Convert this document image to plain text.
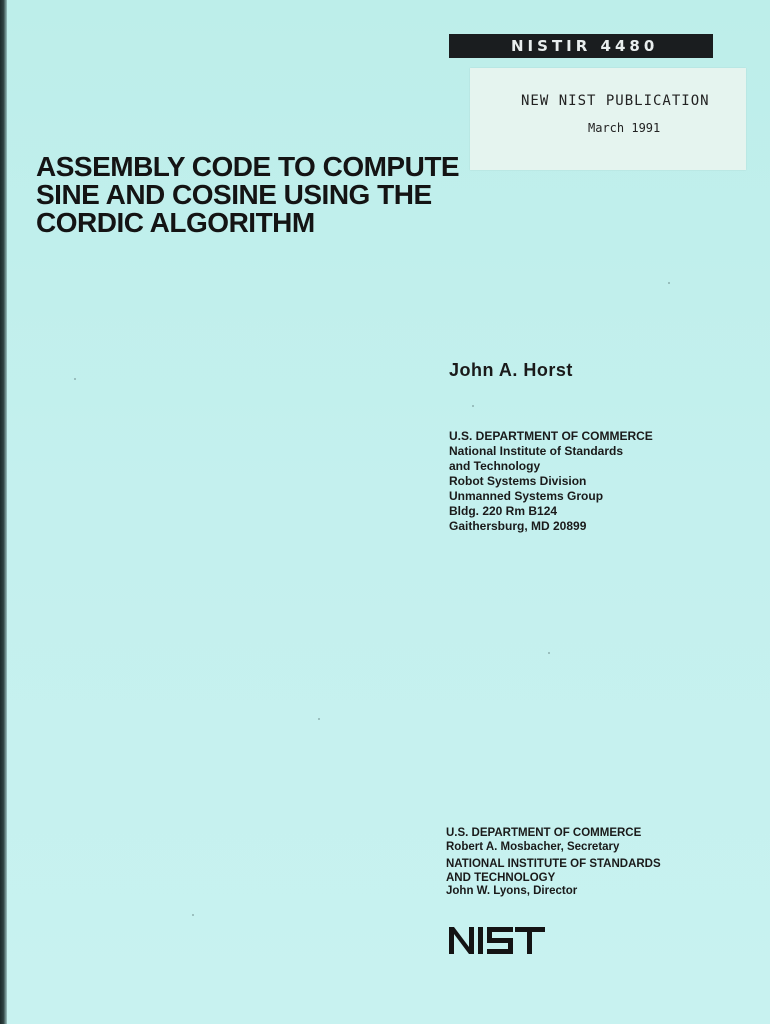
NISTIR 4480
NEW NIST PUBLICATION
March 1991
ASSEMBLY CODE TO COMPUTE
SINE AND COSINE USING THE
CORDIC ALGORITHM
John A. Horst
U.S. DEPARTMENT OF COMMERCE
National Institute of Standards
and Technology
Robot Systems Division
Unmanned Systems Group
Bldg. 220 Rm B124
Gaithersburg, MD 20899
U.S. DEPARTMENT OF COMMERCE
Robert A. Mosbacher, Secretary
NATIONAL INSTITUTE OF STANDARDS
AND TECHNOLOGY
John W. Lyons, Director
